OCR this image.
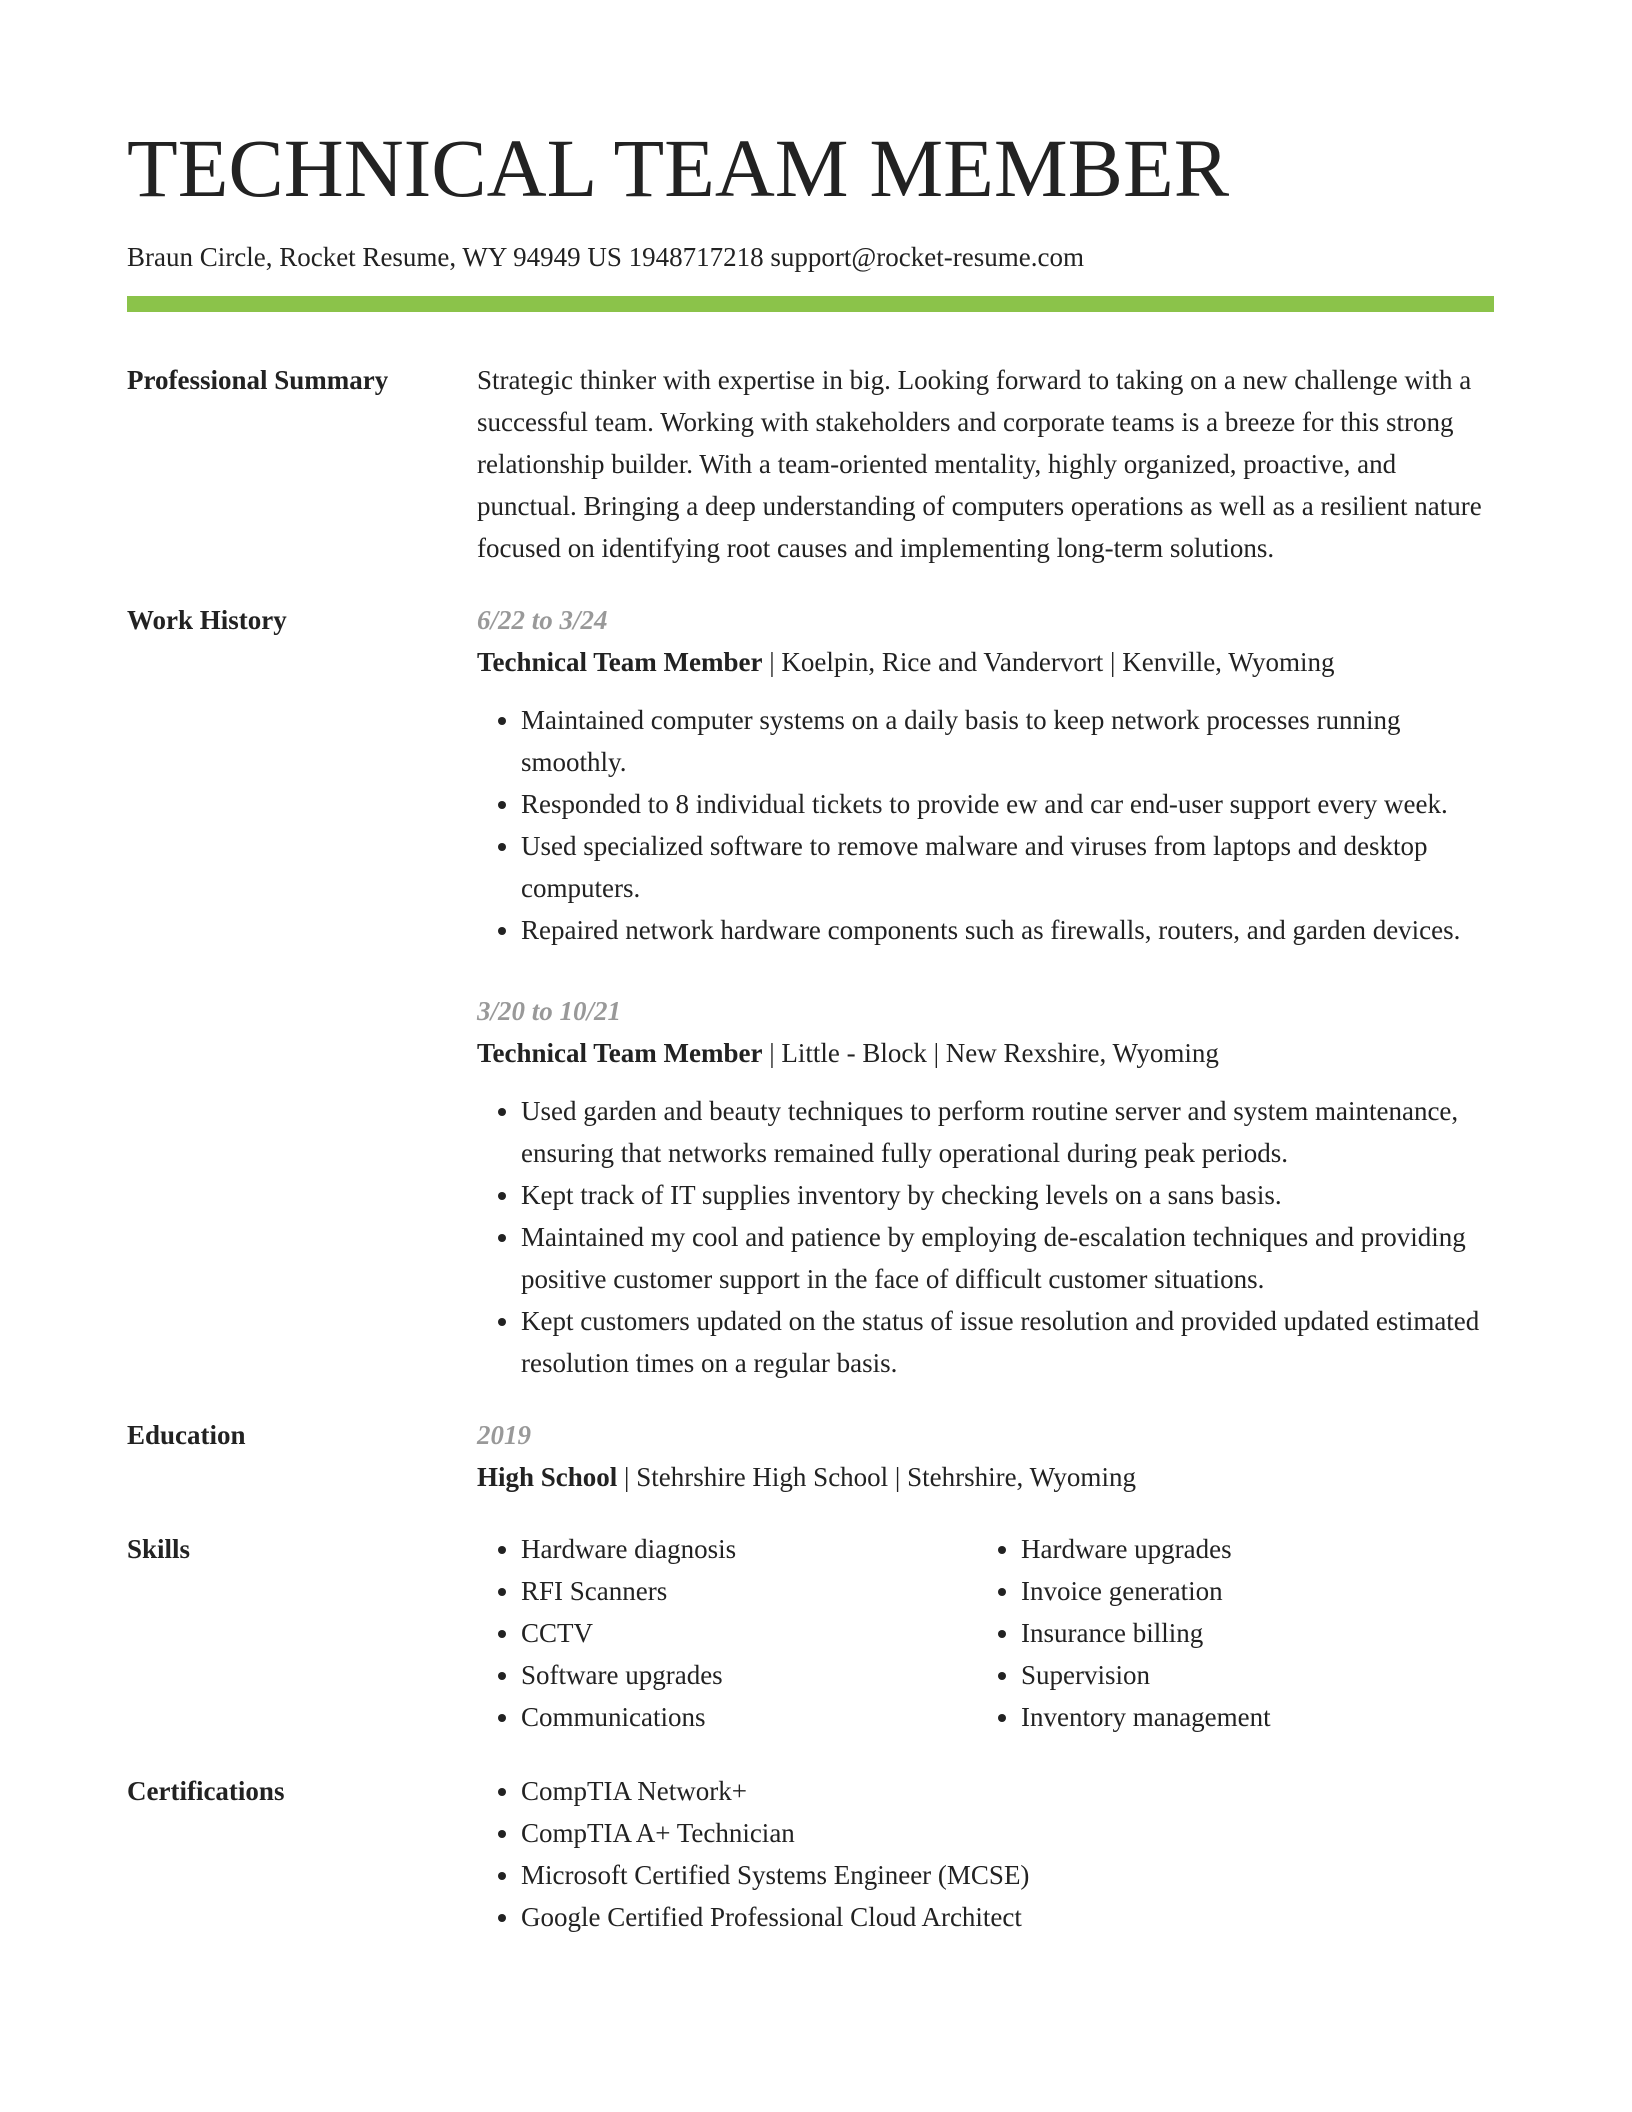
TECHNICAL TEAM MEMBER
Braun Circle, Rocket Resume, WY 94949 US 1948717218 support@rocket-resume.com
Professional Summary	Strategic thinker with expertise in big. Looking forward to taking on a new challenge with a successful team. Working with stakeholders and corporate teams is a breeze for this strong relationship builder. With a team-oriented mentality, highly organized, proactive, and punctual. Bringing a deep understanding of computers operations as well as a resilient nature focused on identifying root causes and implementing long-term solutions.
Work History	6/22 to 3/24
Technical Team Member | Koelpin, Rice and Vandervort | Kenville, Wyoming
• Maintained computer systems on a daily basis to keep network processes running smoothly.
• Responded to 8 individual tickets to provide ew and car end-user support every week.
• Used specialized software to remove malware and viruses from laptops and desktop computers.
• Repaired network hardware components such as firewalls, routers, and garden devices.
3/20 to 10/21
Technical Team Member | Little - Block | New Rexshire, Wyoming
• Used garden and beauty techniques to perform routine server and system maintenance, ensuring that networks remained fully operational during peak periods.
• Kept track of IT supplies inventory by checking levels on a sans basis.
• Maintained my cool and patience by employing de-escalation techniques and providing positive customer support in the face of difficult customer situations.
• Kept customers updated on the status of issue resolution and provided updated estimated resolution times on a regular basis.
Education	2019
High School | Stehrshire High School | Stehrshire, Wyoming
Skills	• Hardware diagnosis
• RFI Scanners
• CCTV
• Software upgrades
• Communications
• Hardware upgrades
• Invoice generation
• Insurance billing
• Supervision
• Inventory management
Certifications	• CompTIA Network+
• CompTIA A+ Technician
• Microsoft Certified Systems Engineer (MCSE)
• Google Certified Professional Cloud Architect
